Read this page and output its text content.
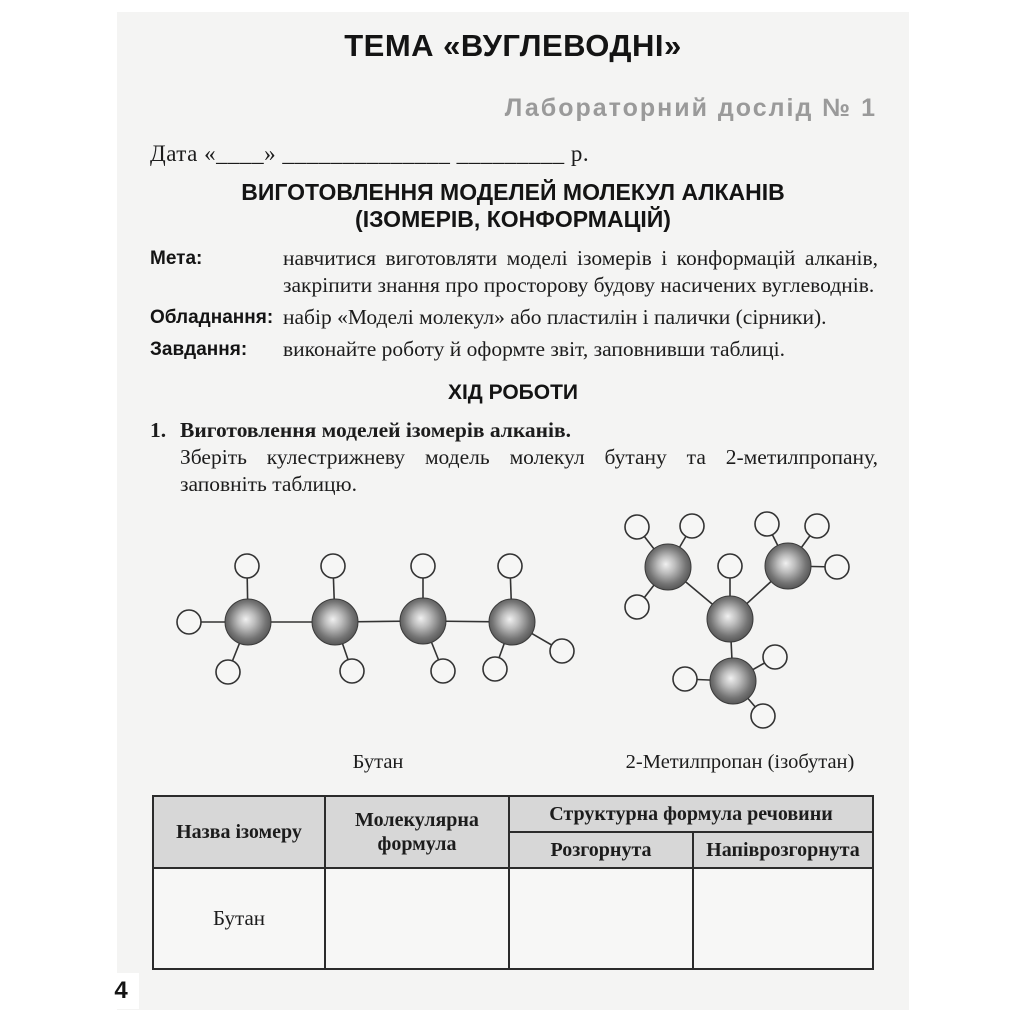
ТЕМА «ВУГЛЕВОДНІ»
Лабораторний дослід № 1
Дата «____» ______________ _________ р.
ВИГОТОВЛЕННЯ МОДЕЛЕЙ МОЛЕКУЛ АЛКАНІВ
(ІЗОМЕРІВ, КОНФОРМАЦІЙ)
Мета:	навчитися виготовляти моделі ізомерів і конформацій алканів, закріпити знання про просторову будову насичених вуглеводнів.
Обладнання: набір «Моделі молекул» або пластилін і палички (сірники).
Завдання:	виконайте роботу й оформте звіт, заповнивши таблиці.
ХІД РОБОТИ
1. Виготовлення моделей ізомерів алканів.
Зберіть кулестрижневу модель молекул бутану та 2-метилпропану, заповніть таблицю.
Бутан	2-Метилпропан (ізобутан)
Назва ізомеру	Молекулярна формула	Структурна формула речовини	
		Розгорнута	Напіврозгорнута
Бутан			
4
